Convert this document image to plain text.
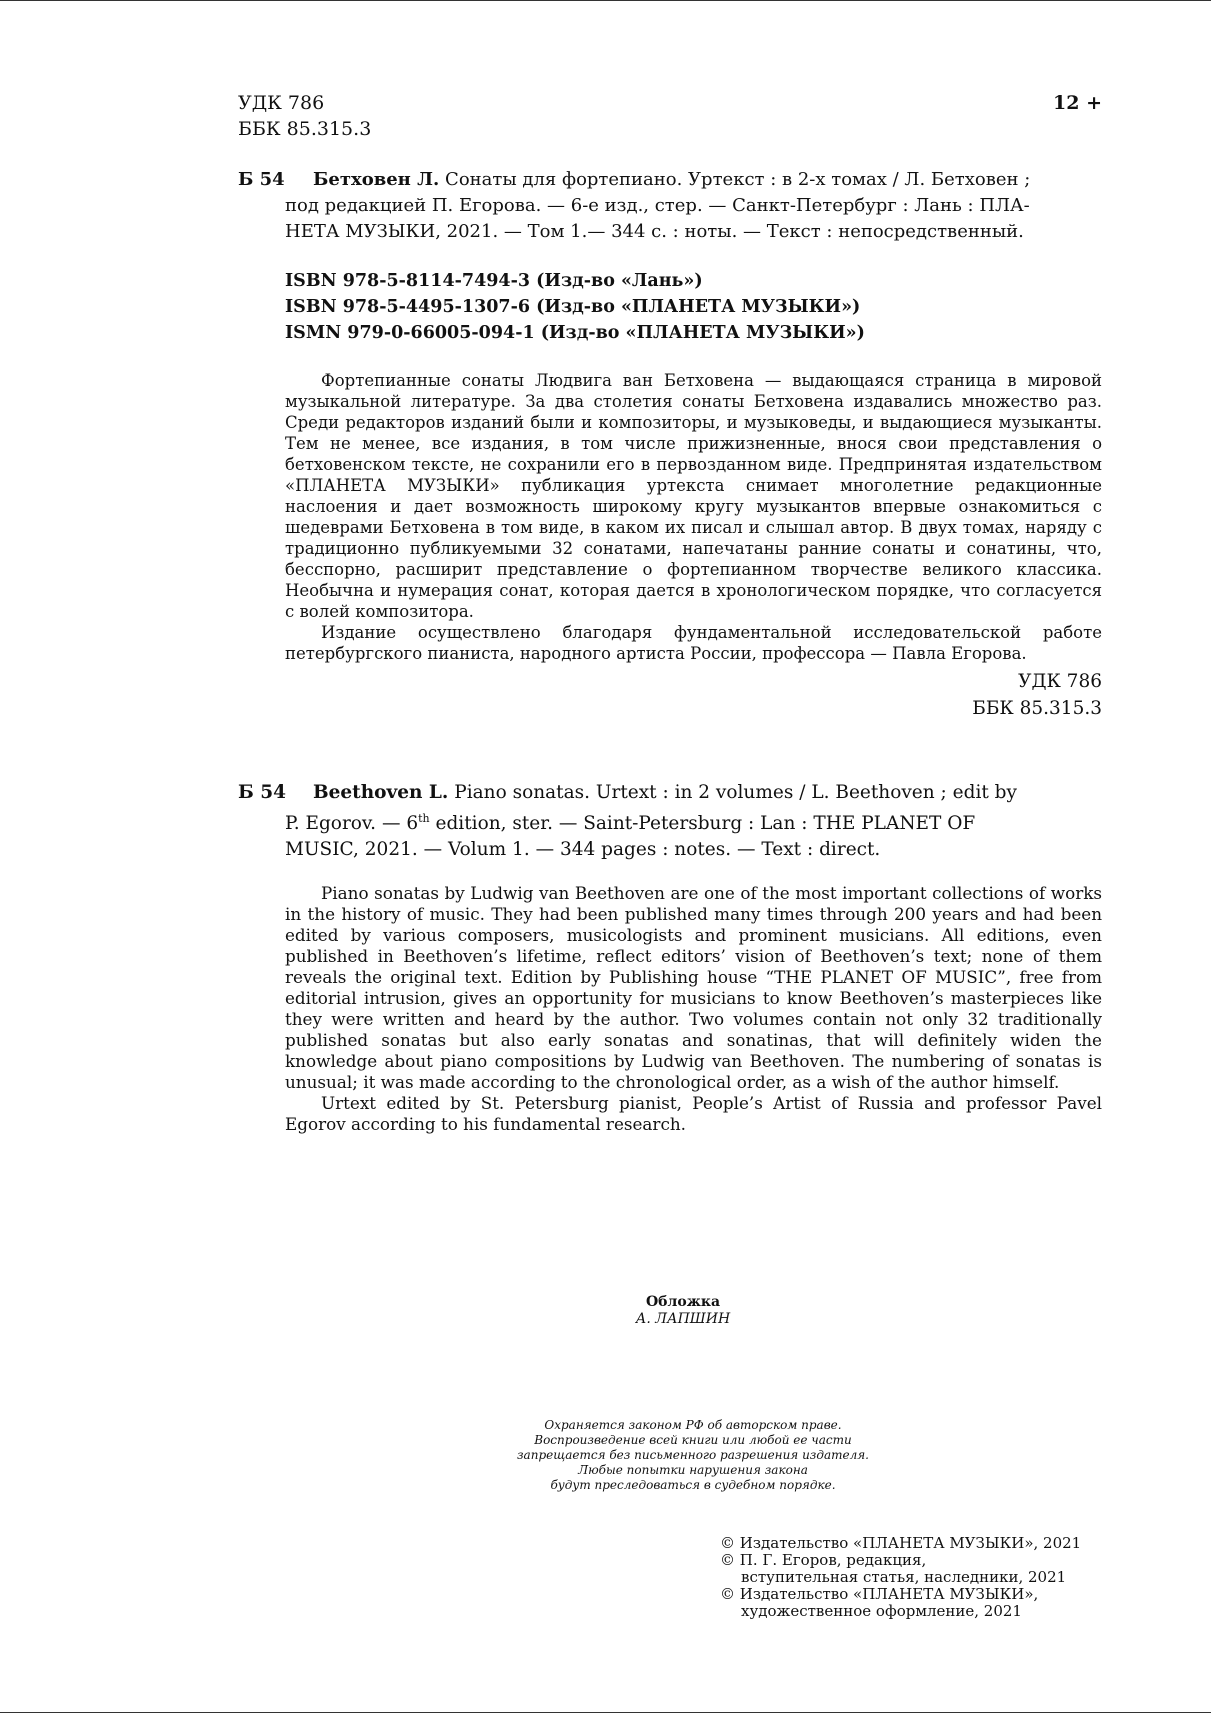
УДК 786
ББК 85.315.3
12 +
Б 54 Бетховен Л. Сонаты для фортепиано. Уртекст : в 2-х томах / Л. Бетховен ;
под редакцией П. Егорова. — 6-е изд., стер. — Санкт-Петербург : Лань : ПЛА-
НЕТА МУЗЫКИ, 2021. — Том 1.— 344 с. : ноты. — Текст : непосредственный.
ISBN 978-5-8114-7494-3 (Изд-во «Лань»)
ISBN 978-5-4495-1307-6 (Изд-во «ПЛАНЕТА МУЗЫКИ»)
ISMN 979-0-66005-094-1 (Изд-во «ПЛАНЕТА МУЗЫКИ»)

Фортепианные сонаты Людвига ван Бетховена — выдающаяся страница в мировой музыкальной литературе. За два столетия сонаты Бетховена издавались множество раз. Среди редакторов изданий были и композиторы, и музыковеды, и выдающиеся музыканты. Тем не менее, все издания, в том числе прижизненные, внося свои представления о бетховенском тексте, не сохранили его в первозданном виде. Предпринятая издательством «ПЛАНЕТА МУЗЫКИ» публикация уртекста снимает многолетние редакционные наслоения и дает возможность широкому кругу музыкантов впервые ознакомиться с шедеврами Бетховена в том виде, в каком их писал и слышал автор. В двух томах, наряду с традиционно публикуемыми 32 сонатами, напечатаны ранние сонаты и сонатины, что, бесспорно, расширит представление о фортепианном творчестве великого классика. Необычна и нумерация сонат, которая дается в хронологическом порядке, что согласуется с волей композитора.

Издание осуществлено благодаря фундаментальной исследовательской работе петербургского пианиста, народного артиста России, профессора — Павла Егорова.

УДК 786
ББК 85.315.3
Б 54 Beethoven L. Piano sonatas. Urtext : in 2 volumes / L. Beethoven ; edit by
P. Egorov. — 6th edition, ster. — Saint-Petersburg : Lan : THE PLANET OF
MUSIC, 2021. — Volum 1. — 344 pages : notes. — Text : direct.

Piano sonatas by Ludwig van Beethoven are one of the most important collections of works in the history of music. They had been published many times through 200 years and had been edited by various composers, musicologists and prominent musicians. All editions, even published in Beethoven’s lifetime, reflect editors’ vision of Beethoven’s text; none of them reveals the original text. Edition by Publishing house “THE PLANET OF MUSIC”, free from editorial intrusion, gives an opportunity for musicians to know Beethoven’s masterpieces like they were written and heard by the author. Two volumes contain not only 32 traditionally published sonatas but also early sonatas and sonatinas, that will definitely widen the knowledge about piano compositions by Ludwig van Beethoven. The numbering of sonatas is unusual; it was made according to the chronological order, as a wish of the author himself.

Urtext edited by St. Petersburg pianist, People’s Artist of Russia and professor Pavel Egorov according to his fundamental research.

Обложка
А. ЛАПШИН
Охраняется законом РФ об авторском праве.
Воспроизведение всей книги или любой ее части
запрещается без письменного разрешения издателя.
Любые попытки нарушения закона
будут преследоваться в судебном порядке.
© Издательство «ПЛАНЕТА МУЗЫКИ», 2021
© П. Г. Егоров, редакция,
вступительная статья, наследники, 2021
© Издательство «ПЛАНЕТА МУЗЫКИ»,
художественное оформление, 2021
